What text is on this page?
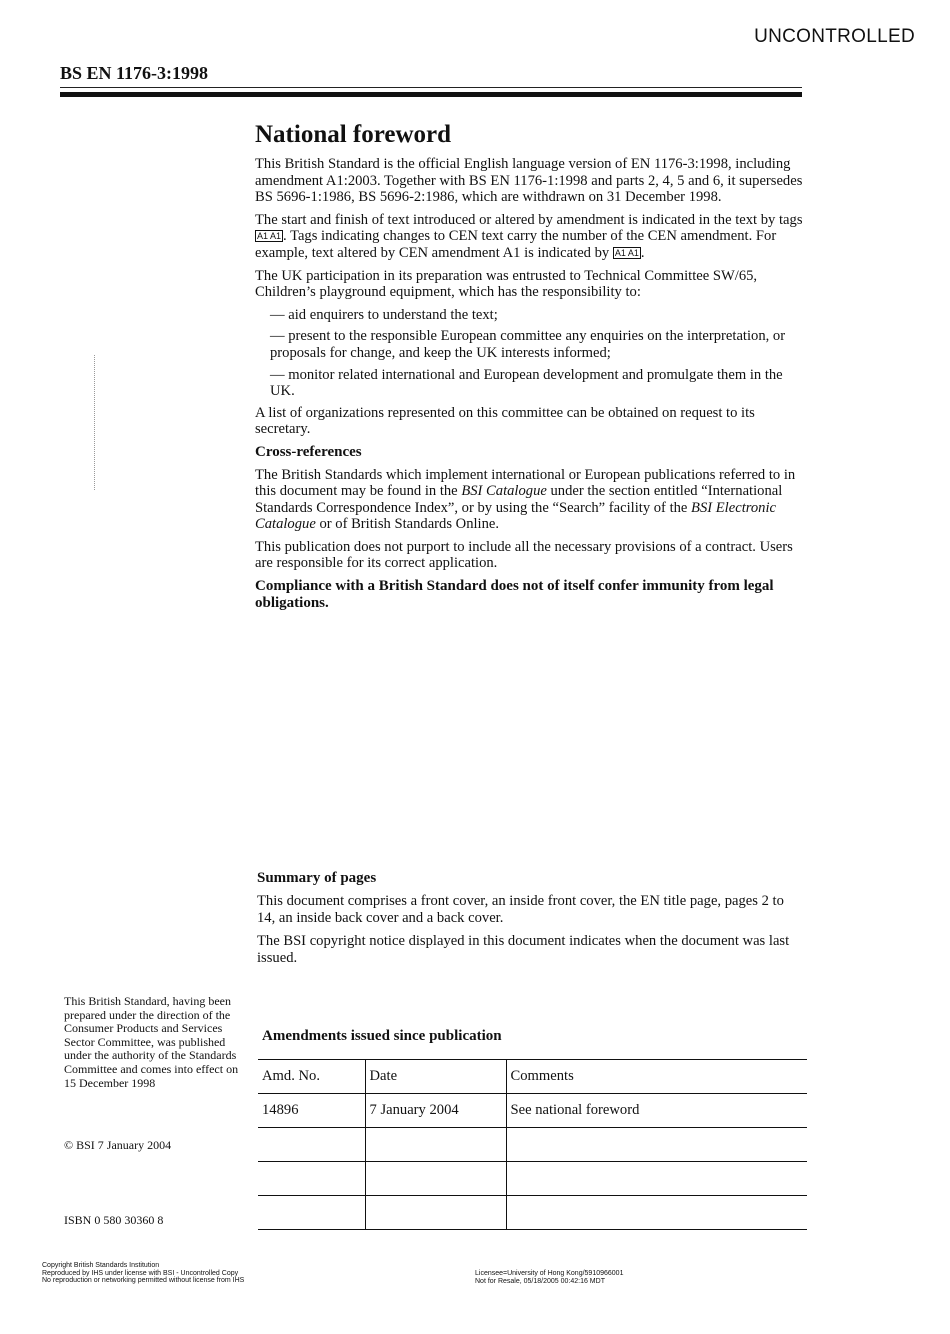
UNCONTROLLED
BS EN 1176-3:1998
National foreword

This British Standard is the official English language version of EN 1176-3:1998, including amendment A1:2003. Together with BS EN 1176-1:1998 and parts 2, 4, 5 and 6, it supersedes BS 5696-1:1986, BS 5696-2:1986, which are withdrawn on 31 December 1998.

The start and finish of text introduced or altered by amendment is indicated in the text by tags A1 A1 . Tags indicating changes to CEN text carry the number of the CEN amendment. For example, text altered by CEN amendment A1 is indicated by A1 A1 .

The UK participation in its preparation was entrusted to Technical Committee SW/65, Children’s playground equipment, which has the responsibility to:

— aid enquirers to understand the text;
— present to the responsible European committee any enquiries on the interpretation, or proposals for change, and keep the UK interests informed;
— monitor related international and European development and promulgate them in the UK.

A list of organizations represented on this committee can be obtained on request to its secretary.

Cross-references

The British Standards which implement international or European publications referred to in this document may be found in the BSI Catalogue under the section entitled “International Standards Correspondence Index”, or by using the “Search” facility of the BSI Electronic Catalogue or of British Standards Online.

This publication does not purport to include all the necessary provisions of a contract. Users are responsible for its correct application.

Compliance with a British Standard does not of itself confer immunity from legal obligations.

Summary of pages

This document comprises a front cover, an inside front cover, the EN title page, pages 2 to 14, an inside back cover and a back cover.

The BSI copyright notice displayed in this document indicates when the document was last issued.

This British Standard, having been prepared under the direction of the Consumer Products and Services Sector Committee, was published under the authority of the Standards Committee and comes into effect on 15 December 1998
© BSI 7 January 2004
ISBN 0 580 30360 8
Amendments issued since publication
Amd. No.	Date	Comments
14896	7 January 2004	See national foreword

Copyright British Standards Institution
Reproduced by IHS under license with BSI - Uncontrolled Copy
No reproduction or networking permitted without license from IHS
Licensee=University of Hong Kong/5910966001
Not for Resale, 05/18/2005 00:42:16 MDT
